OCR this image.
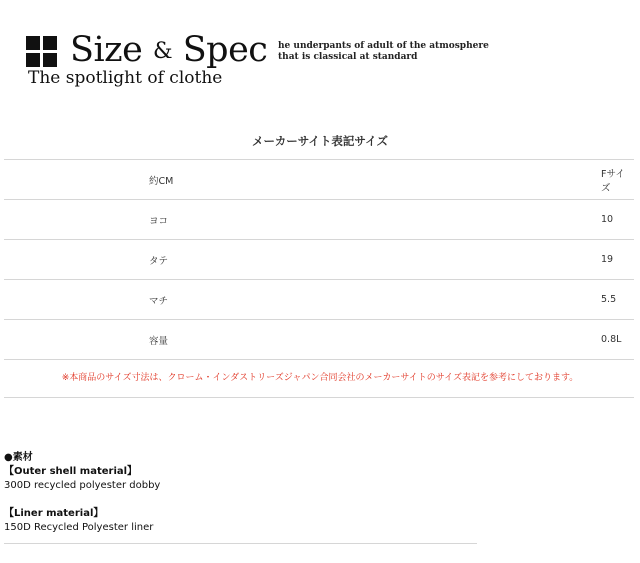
Size & Spec
The spotlight of clothe
he underpants of adult of the atmosphere
that is classical at standard
メーカーサイト表記サイズ
約CM	Fサイズ
ヨコ	10
タテ	19
マチ	5.5
容量	0.8L
※本商品のサイズ寸法は、クローム・インダストリーズジャパン合同会社のメーカーサイトのサイズ表記を参考にしております。
●素材
【Outer shell material】
300D recycled polyester dobby
【Liner material】
150D Recycled Polyester liner
